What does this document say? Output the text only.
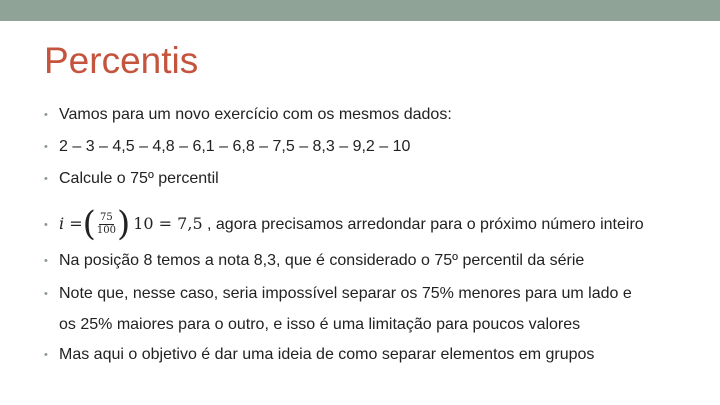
Percentis
• Vamos para um novo exercício com os mesmos dados:
• 2 – 3 – 4,5 – 4,8 – 6,1 – 6,8 – 7,5 – 8,3 – 9,2 – 10
• Calcule o 75º percentil
• i = ( $\frac{75}{100}$ ) 10 = 7,5 , agora precisamos arredondar para o próximo número inteiro
• Na posição 8 temos a nota 8,3, que é considerado o 75º percentil da série
• Note que, nesse caso, seria impossível separar os 75% menores para um lado e
os 25% maiores para o outro, e isso é uma limitação para poucos valores
• Mas aqui o objetivo é dar uma ideia de como separar elementos em grupos
